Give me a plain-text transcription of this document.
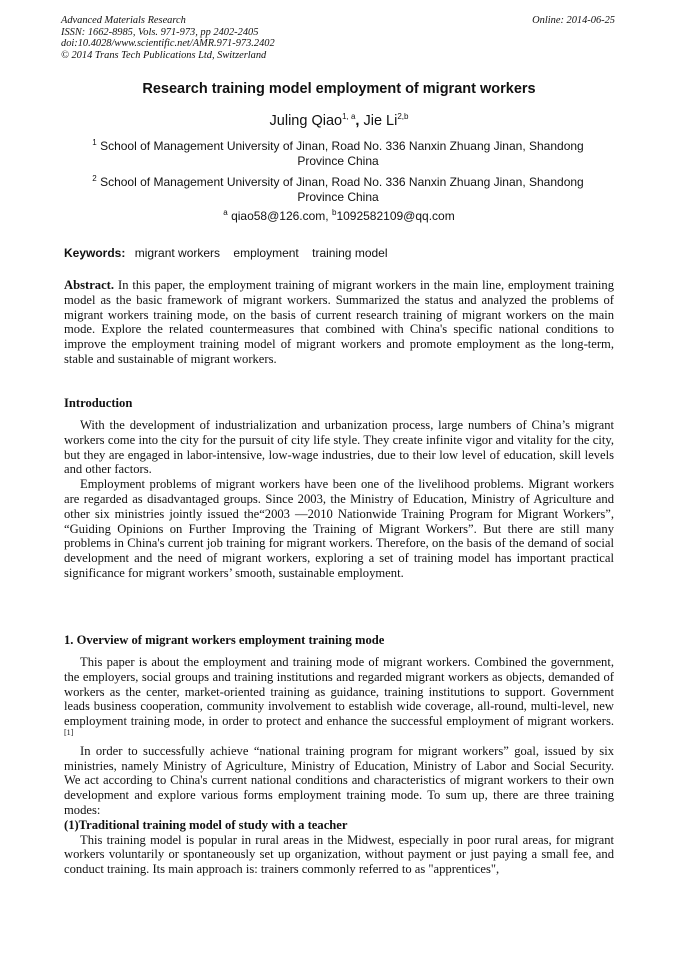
Advanced Materials Research
ISSN: 1662-8985, Vols. 971-973, pp 2402-2405
doi:10.4028/www.scientific.net/AMR.971-973.2402
© 2014 Trans Tech Publications Ltd, Switzerland
Online: 2014-06-25
Research training model employment of migrant workers
Juling Qiao$^{1, a}$, Jie Li$^{2,b}$
$^1$ School of Management University of Jinan, Road No. 336 Nanxin Zhuang Jinan, Shandong Province China
$^2$ School of Management University of Jinan, Road No. 336 Nanxin Zhuang Jinan, Shandong Province China
$^a$ qiao58@126.com, $^b$1092582109@qq.com
Keywords: migrant workers employment training model

Abstract. In this paper, the employment training of migrant workers in the main line, employment training model as the basic framework of migrant workers. Summarized the status and analyzed the problems of migrant workers training mode, on the basis of current research training of migrant workers on the main mode. Explore the related countermeasures that combined with China's specific national conditions to improve the employment training model of migrant workers and promote employment as the long-term, stable and sustainable of migrant workers.

Introduction

With the development of industrialization and urbanization process, large numbers of China’s migrant workers come into the city for the pursuit of city life style. They create infinite vigor and vitality for the city, but they are engaged in labor-intensive, low-wage industries, due to their low level of education, skill levels and other factors.

Employment problems of migrant workers have been one of the livelihood problems. Migrant workers are regarded as disadvantaged groups. Since 2003, the Ministry of Education, Ministry of Agriculture and other six ministries jointly issued the“2003 —2010 Nationwide Training Program for Migrant Workers”, “Guiding Opinions on Further Improving the Training of Migrant Workers”. But there are still many problems in China's current job training for migrant workers. Therefore, on the basis of the demand of social development and the need of migrant workers, exploring a set of training model has important practical significance for migrant workers’ smooth, sustainable employment.

1. Overview of migrant workers employment training mode

This paper is about the employment and training mode of migrant workers. Combined the government, the employers, social groups and training institutions and regarded migrant workers as objects, demanded of workers as the center, market-oriented training as guidance, training institutions to support. Government leads business cooperation, community involvement to establish wide coverage, all-round, multi-level, new employment training mode, in order to protect and enhance the successful employment of migrant workers. [1]

In order to successfully achieve “national training program for migrant workers” goal, issued by six ministries, namely Ministry of Agriculture, Ministry of Education, Ministry of Labor and Social Security. We act according to China's current national conditions and characteristics of migrant workers to their own development and explore various forms employment training mode. To sum up, there are three training modes:

(1)Traditional training model of study with a teacher

This training model is popular in rural areas in the Midwest, especially in poor rural areas, for migrant workers voluntarily or spontaneously set up organization, without payment or just paying a small fee, and conduct training. Its main approach is: trainers commonly referred to as "apprentices",
